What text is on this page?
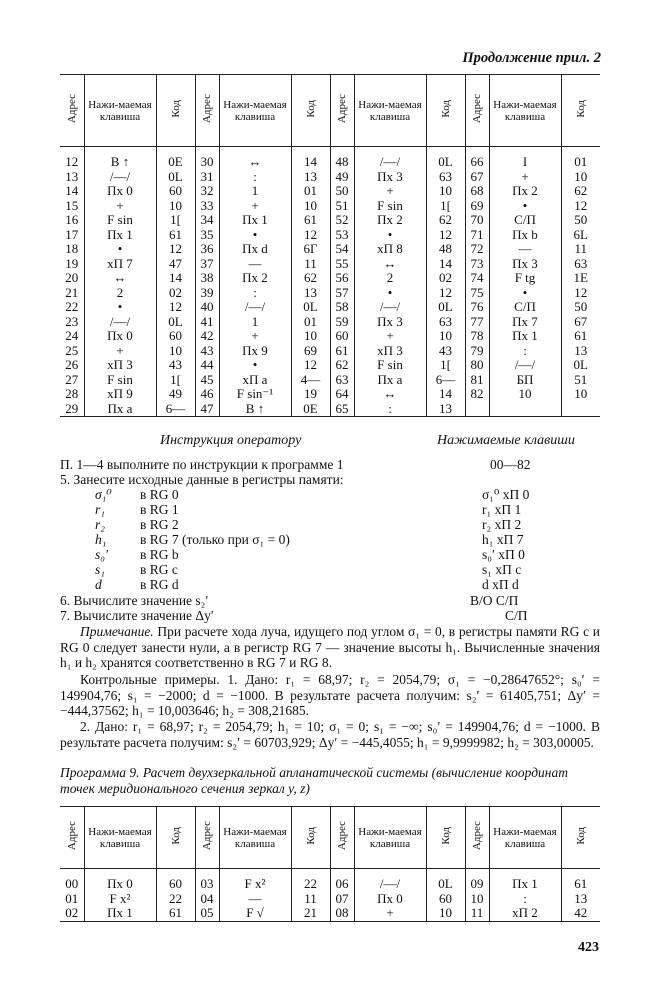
Продолжение прил. 2
Адрес	Нажи-маемая клавиша	Код	Адрес	Нажи-маемая клавиша	Код	Адрес	Нажи-маемая клавиша	Код	Адрес	Нажи-маемая клавиша	Код
12	В ↑	0E	30	↔	14	48	/—/	0L	66	I	01
13	/—/	0L	31	:	13	49	Пх 3	63	67	+	10
14	Пх 0	60	32	1	01	50	+	10	68	Пх 2	62
15	+	10	33	+	10	51	F sin	1[	69	•	12
16	F sin	1[	34	Пх 1	61	52	Пх 2	62	70	С/П	50
17	Пх 1	61	35	•	12	53	•	12	71	Пх b	6L
18	•	12	36	Пх d	6Г	54	хП 8	48	72	—	11
19	хП 7	47	37	—	11	55	↔	14	73	Пх 3	63
20	↔	14	38	Пх 2	62	56	2	02	74	F tg	1E
21	2	02	39	:	13	57	•	12	75	•	12
22	•	12	40	/—/	0L	58	/—/	0L	76	С/П	50
23	/—/	0L	41	1	01	59	Пх 3	63	77	Пх 7	67
24	Пх 0	60	42	+	10	60	+	10	78	Пх 1	61
25	+	10	43	Пх 9	69	61	хП 3	43	79	:	13
26	хП 3	43	44	•	12	62	F sin	1[	80	/—/	0L
27	F sin	1[	45	хП a	4—	63	Пх a	6—	81	БП	51
28	хП 9	49	46	F sin⁻¹	19	64	↔	14	82	10	10
29	Пх a	6—	47	В ↑	0E	65	:	13			
Инструкция оператору	Нажимаемые клавиши
П. 1—4 выполните по инструкции к программе 1	00—82
5. Занесите исходные данные в регистры памяти:
σ₁⁰ в RG 0	σ₁⁰ хП 0
r₁	в RG 1	r₁ хП 1
r₂	в RG 2	r₂ хП 2
h₁ в RG 7 (только при σ₁ = 0)	h₁ хП 7
s₀′ в RG b	s₀′ хП 0
s₁	в RG c	s₁ хП c
d	в RG d	d хП d
6. Вычислите значение s₂′	В/О С/П
7. Вычислите значение Δy′	С/П
Примечание. При расчете хода луча, идущего под углом σ₁ = 0, в регистры памяти RG c и RG 0 следует занести нули, а в регистр RG 7 — значение высоты h₁. Вычисленные значения h₁ и h₂ хранятся соответственно в RG 7 и RG 8.
Контрольные примеры. 1. Дано: r₁ = 68,97; r₂ = 2054,79; σ₁ = −0,28647652°; s₀′ = 149904,76; s₁ = −2000; d = −1000. В результате расчета получим: s₂′ = 61405,751; Δy′ = −444,37562; h₁ = 10,003646; h₂ = 308,21685.
2. Дано: r₁ = 68,97; r₂ = 2054,79; h₁ = 10; σ₁ = 0; s₁ = −∞; s₀′ = 149904,76; d = −1000. В результате расчета получим: s₂′ = 60703,929; Δy′ = −445,4055; h₁ = 9,9999982; h₂ = 303,00005.
Программа 9. Расчет двухзеркальной апланатической системы (вычисление координат точек меридионального сечения зеркал y, z)
Адрес	Нажи-маемая клавиша	Код	Адрес	Нажи-маемая клавиша	Код	Адрес	Нажи-маемая клавиша	Код	Адрес	Нажи-маемая клавиша	Код
00	Пх 0	60	03	F x²	22	06	/—/	0L	09	Пх 1	61
01	F x²	22	04	—	11	07	Пх 0	60	10	:	13
02	Пх 1	61	05	F √	21	08	+	10	11	хП 2	42
423
